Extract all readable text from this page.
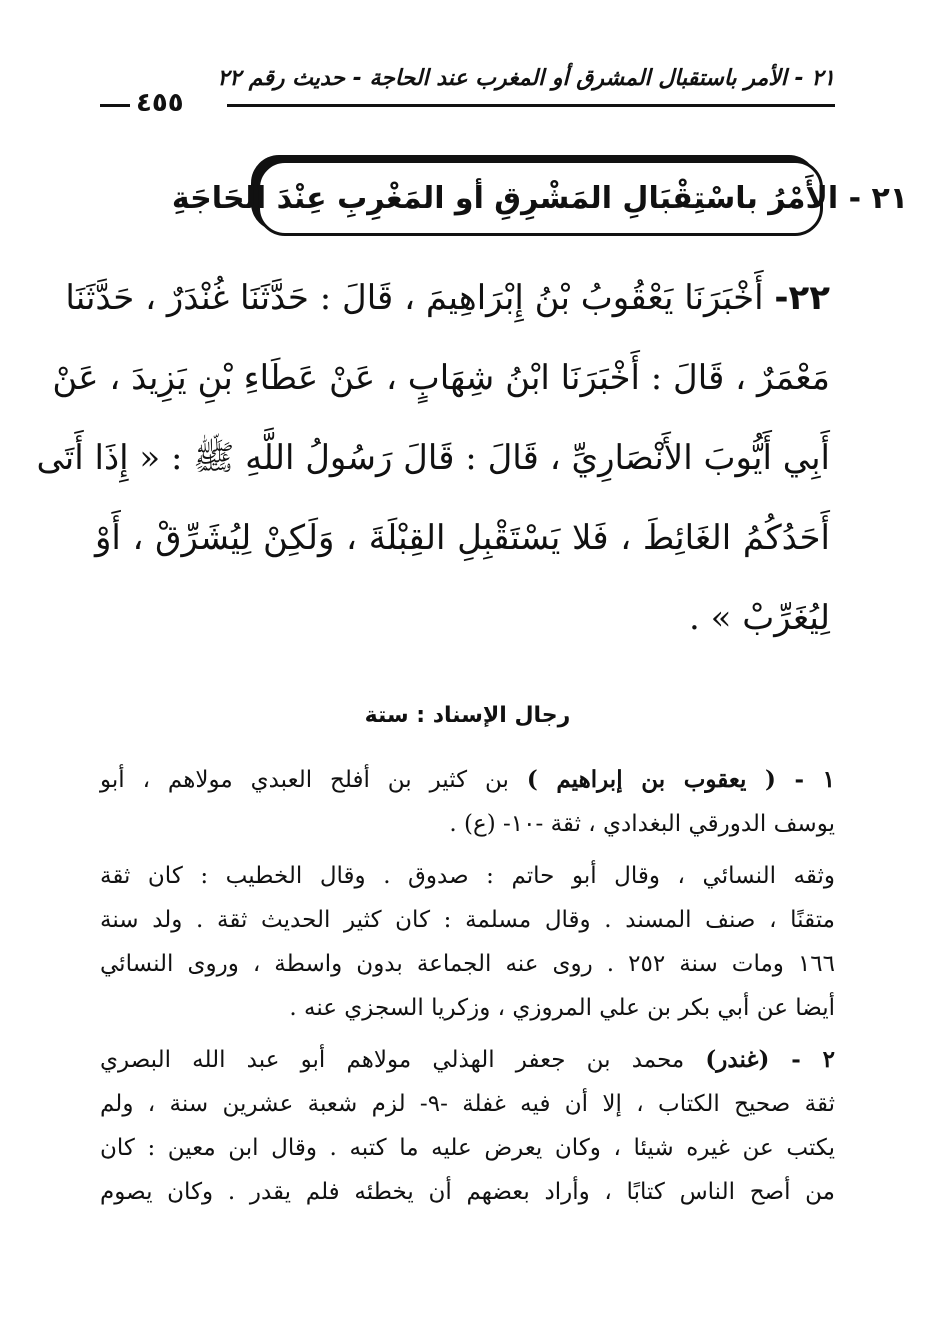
٢١ - الأمر باستقبال المشرق أو المغرب عند الحاجة - حديث رقم ٢٢
٤٥٥
٢١ - الأَمْرُ باسْتِقْبَالِ المَشْرِقِ أو المَغْرِبِ عِنْدَ الحَاجَةِ
٢٢- أَخْبَرَنَا يَعْقُوبُ بْنُ إِبْرَاهِيمَ ، قَالَ : حَدَّثَنَا غُنْدَرٌ ، حَدَّثَنَا
مَعْمَرٌ ، قَالَ : أَخْبَرَنَا ابْنُ شِهَابٍ ، عَنْ عَطَاءِ بْنِ يَزِيدَ ، عَنْ
أَبِي أَيُّوبَ الأَنْصَارِيِّ ، قَالَ : قَالَ رَسُولُ اللَّهِ ﷺ : « إِذَا أَتَى
أَحَدُكُمُ الغَائِطَ ، فَلا يَسْتَقْبِلِ القِبْلَةَ ، وَلَكِنْ لِيُشَرِّقْ ، أَوْ
لِيُغَرِّبْ » .
رجال الإسناد : ستة
١ - ( يعقوب بن إبراهيم ) بن كثير بن أفلح العبدي مولاهم ، أبو
يوسف الدورقي البغدادي ، ثقة -١٠- (ع) .
وثقه النسائي ، وقال أبو حاتم : صدوق . وقال الخطيب : كان ثقة
متقنًا ، صنف المسند . وقال مسلمة : كان كثير الحديث ثقة . ولد سنة
١٦٦ ومات سنة ٢٥٢ . روى عنه الجماعة بدون واسطة ، وروى النسائي
أيضا عن أبي بكر بن علي المروزي ، وزكريا السجزي عنه .
٢ - (غندر) محمد بن جعفر الهذلي مولاهم أبو عبد الله البصري
ثقة صحيح الكتاب ، إلا أن فيه غفلة -٩- لزم شعبة عشرين سنة ، ولم
يكتب عن غيره شيئا ، وكان يعرض عليه ما كتبه . وقال ابن معين : كان
من أصح الناس كتابًا ، وأراد بعضهم أن يخطئه فلم يقدر . وكان يصوم
